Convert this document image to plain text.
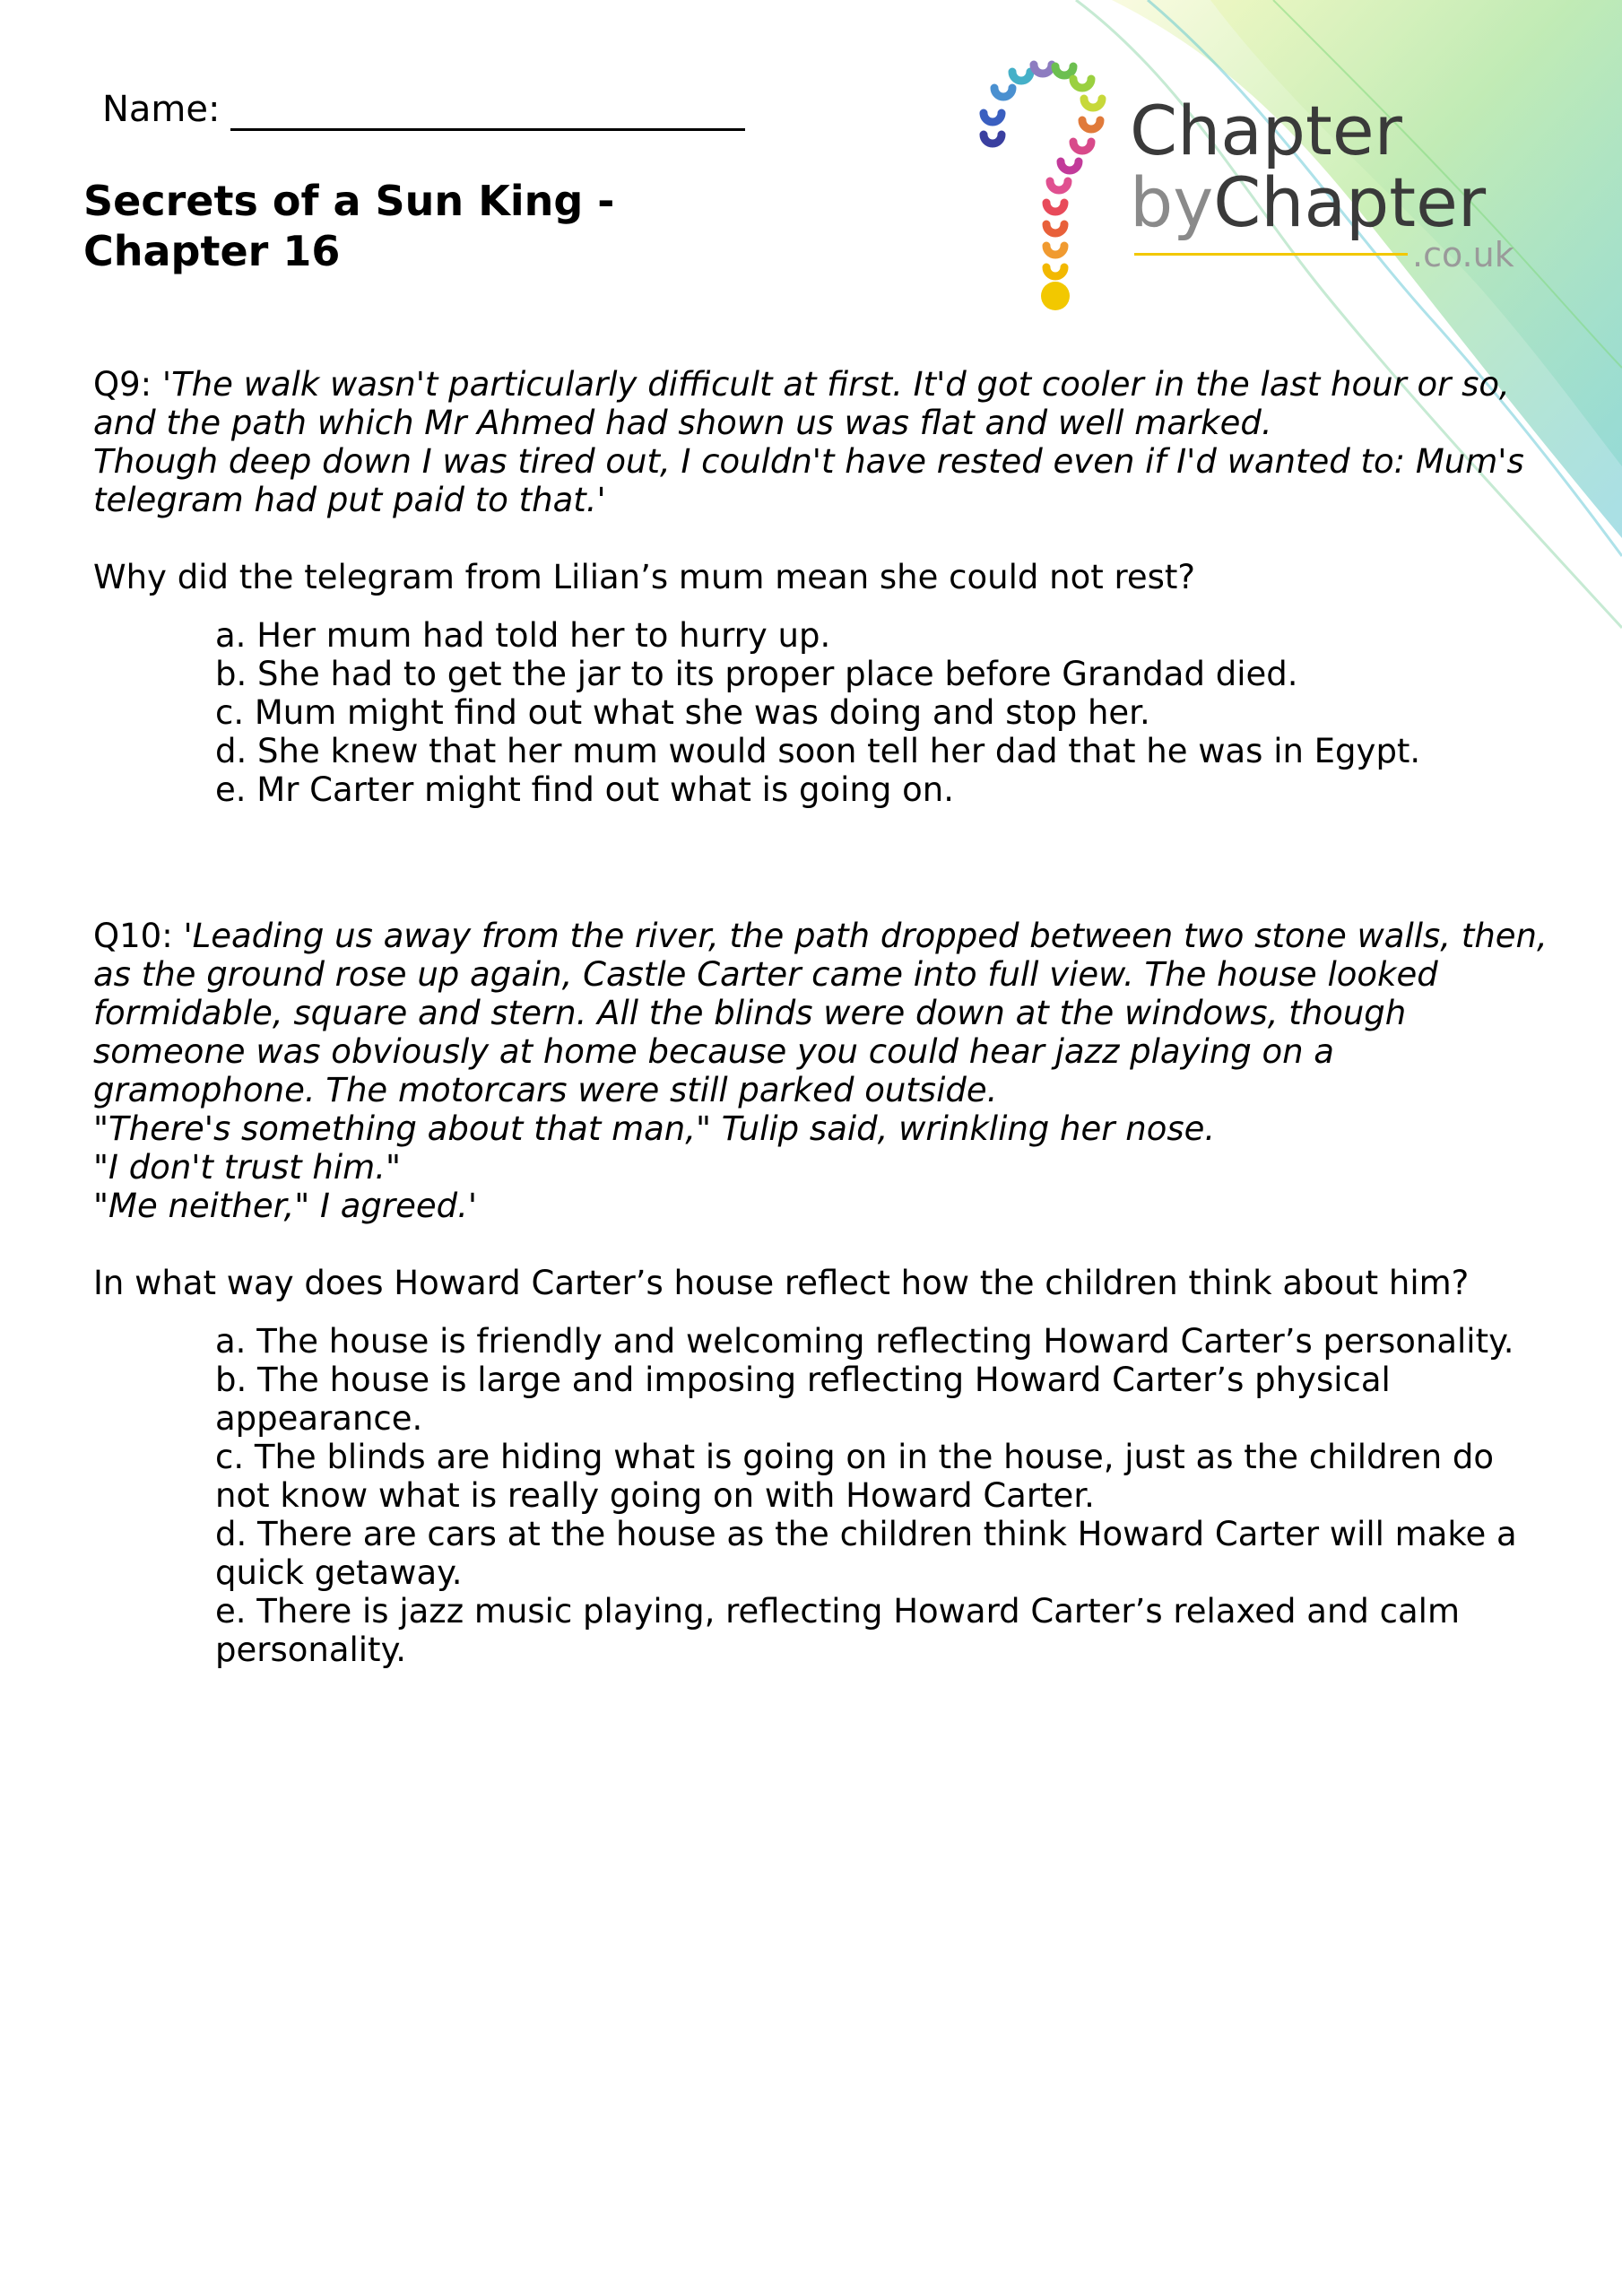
Name:
Secrets of a Sun King -
Chapter 16
Chapter
byChapter
.co.uk

Q9: 'The walk wasn't particularly difficult at first. It'd got cooler in the last hour or so,
and the path which Mr Ahmed had shown us was flat and well marked.
Though deep down I was tired out, I couldn't have rested even if I'd wanted to: Mum's
telegram had put paid to that.'

Why did the telegram from Lilian’s mum mean she could not rest?

a. Her mum had told her to hurry up.
b. She had to get the jar to its proper place before Grandad died.
c. Mum might find out what she was doing and stop her.
d. She knew that her mum would soon tell her dad that he was in Egypt.
e. Mr Carter might find out what is going on.

Q10: 'Leading us away from the river, the path dropped between two stone walls, then,
as the ground rose up again, Castle Carter came into full view. The house looked
formidable, square and stern. All the blinds were down at the windows, though
someone was obviously at home because you could hear jazz playing on a
gramophone. The motorcars were still parked outside.
"There's something about that man," Tulip said, wrinkling her nose.
"I don't trust him."
"Me neither," I agreed.'

In what way does Howard Carter’s house reflect how the children think about him?

a. The house is friendly and welcoming reflecting Howard Carter’s personality.
b. The house is large and imposing reflecting Howard Carter’s physical
appearance.
c. The blinds are hiding what is going on in the house, just as the children do
not know what is really going on with Howard Carter.
d. There are cars at the house as the children think Howard Carter will make a
quick getaway.
e. There is jazz music playing, reflecting Howard Carter’s relaxed and calm
personality.
